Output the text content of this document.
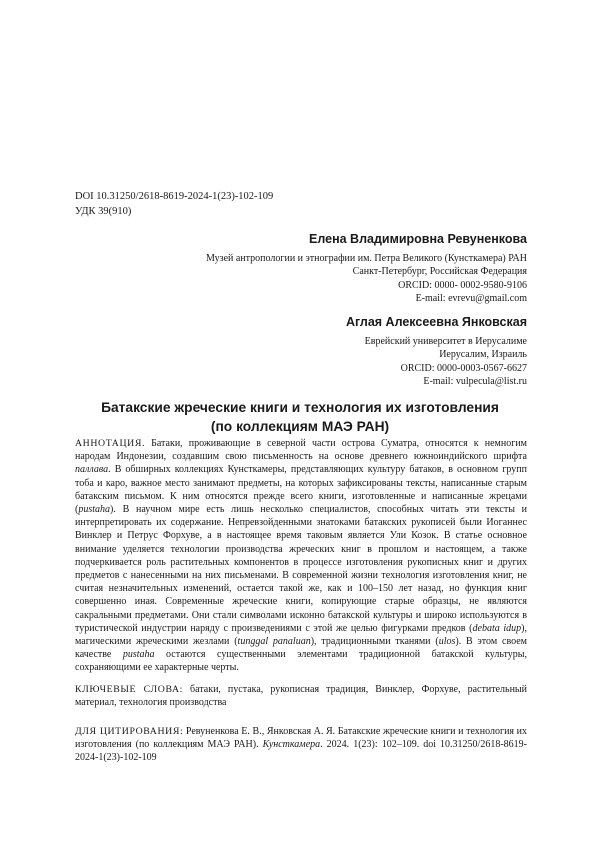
DOI 10.31250/2618-8619-2024-1(23)-102-109
УДК 39(910)
Елена Владимировна Ревуненкова
Музей антропологии и этнографии им. Петра Великого (Кунсткамера) РАН
Санкт-Петербург, Российская Федерация
ORCID: 0000- 0002-9580-9106
E-mail: evrevu@gmail.com
Аглая Алексеевна Янковская
Еврейский университет в Иерусалиме
Иерусалим, Израиль
ORCID: 0000-0003-0567-6627
E-mail: vulpecula@list.ru
Батакские жреческие книги и технология их изготовления
(по коллекциям МАЭ РАН)
АННОТАЦИЯ. Батаки, проживающие в северной части острова Суматра, относятся к немногим народам Индонезии, создавшим свою письменность на основе древнего южноиндийского шрифта паллава. В обширных коллекциях Кунсткамеры, представляющих культуру батаков, в основном групп тоба и каро, важное место занимают предметы, на которых зафиксированы тексты, написанные старым батакским письмом. К ним относятся прежде всего книги, изготовленные и написанные жрецами (pustaha). В научном мире есть лишь несколько специалистов, способных читать эти тексты и интерпретировать их содержание. Непревзойденными знатоками батакских рукописей были Иоганнес Винклер и Петрус Форхуве, а в настоящее время таковым является Ули Козок. В статье основное внимание уделяется технологии производства жреческих книг в прошлом и настоящем, а также подчеркивается роль растительных компонентов в процессе изготовления рукописных книг и других предметов с нанесенными на них письменами. В современной жизни технология изготовления книг, не считая незначительных изменений, остается такой же, как и 100–150 лет назад, но функция книг совершенно иная. Современные жреческие книги, копирующие старые образцы, не являются сакральными предметами. Они стали символами исконно батакской культуры и широко используются в туристической индустрии наряду с произведениями с этой же целью фигурками предков (debata idup), магическими жреческими жезлами (tunggal panaluan), традиционными тканями (ulos). В этом своем качестве pustaha остаются существенными элементами традиционной батакской культуры, сохраняющими ее характерные черты.
КЛЮЧЕВЫЕ СЛОВА: батаки, пустака, рукописная традиция, Винклер, Форхуве, растительный материал, технология производства
ДЛЯ ЦИТИРОВАНИЯ: Ревуненкова Е. В., Янковская А. Я. Батакские жреческие книги и технология их изготовления (по коллекциям МАЭ РАН). Кунсткамера. 2024. 1(23): 102–109. doi 10.31250/2618-8619-2024-1(23)-102-109
